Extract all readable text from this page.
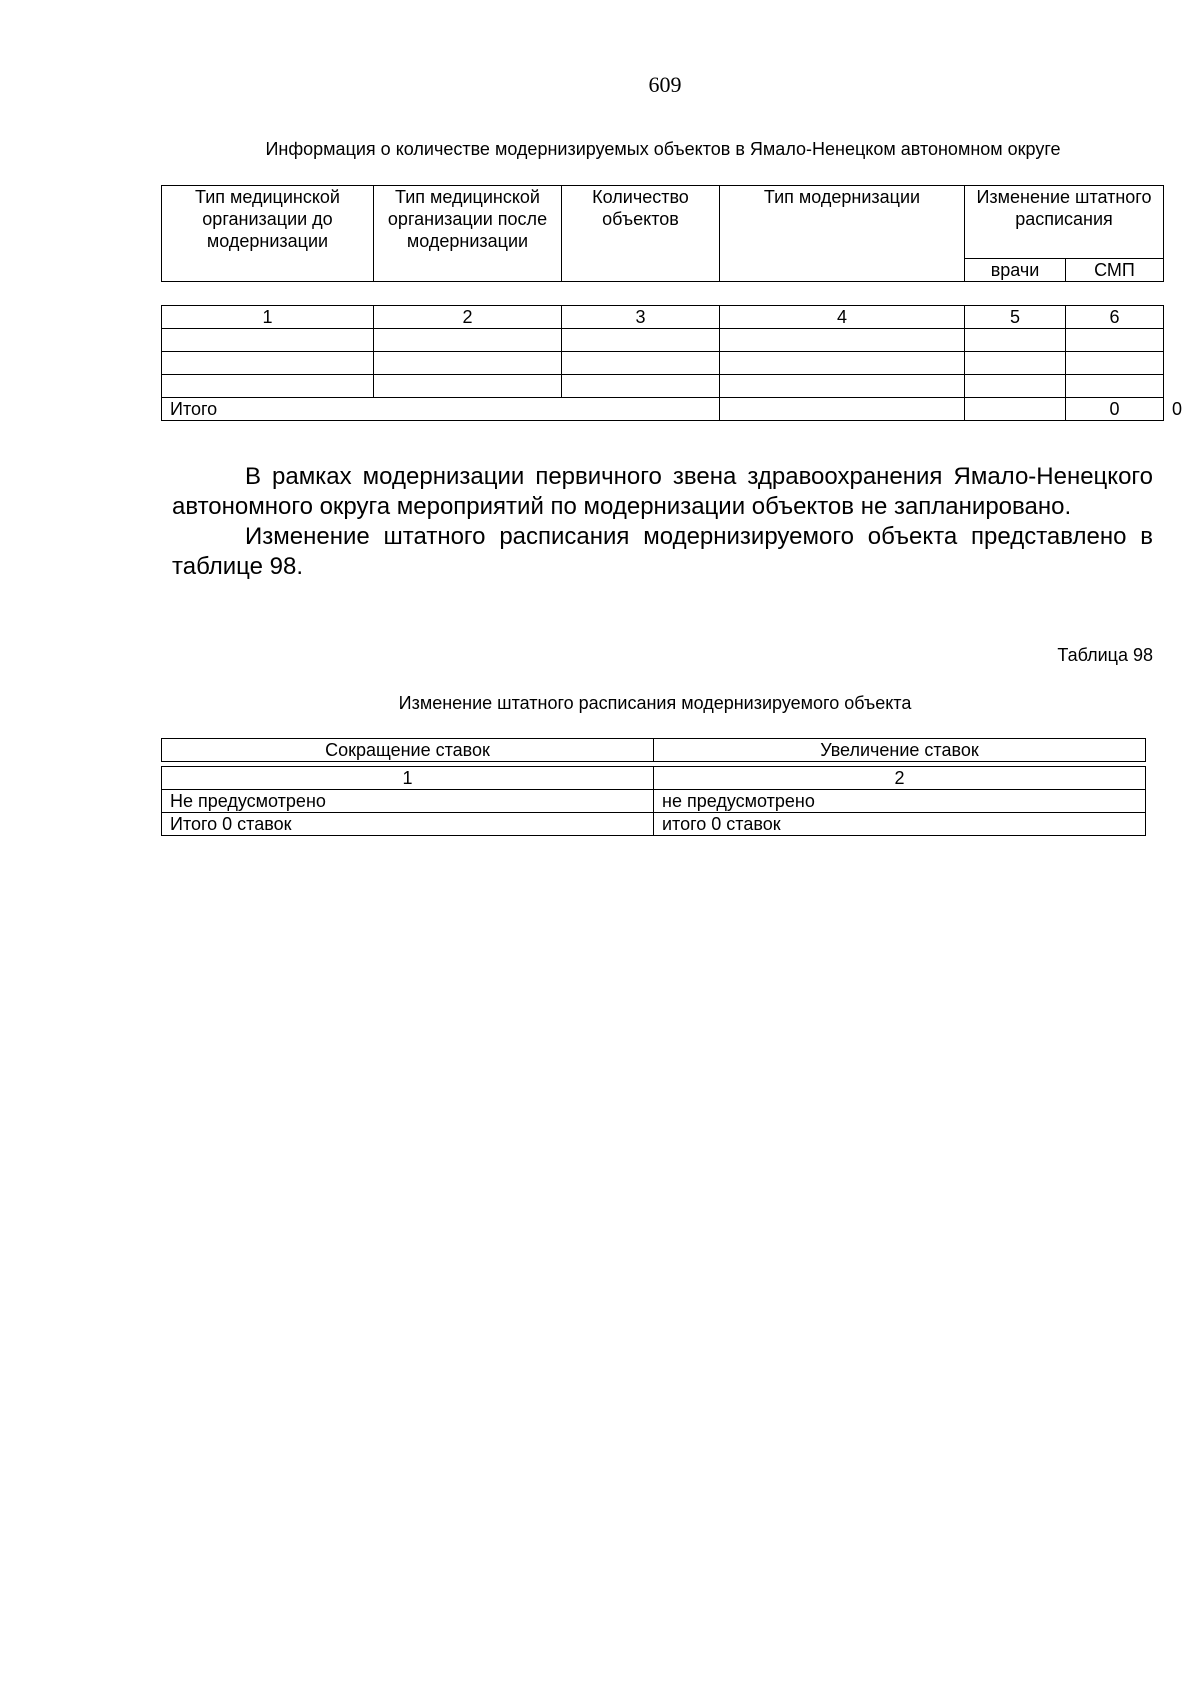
609
Информация о количестве модернизируемых объектов в Ямало-Ненецком автономном округе
Тип медицинской организации до модернизации	Тип медицинской организации после модернизации	Количество объектов	Тип модернизации	Изменение штатного расписания	
				врачи	СМП
1	2	3	4	5	6	

Итого					0	0

В рамках модернизации первичного звена здравоохранения Ямало-Ненецкого автономного округа мероприятий по модернизации объектов не запланировано.

Изменение штатного расписания модернизируемого объекта представлено в таблице 98.

Таблица 98
Изменение штатного расписания модернизируемого объекта
Сокращение ставок	Увеличение ставок
1	2
Не предусмотрено	не предусмотрено
Итого 0 ставок	итого 0 ставок
